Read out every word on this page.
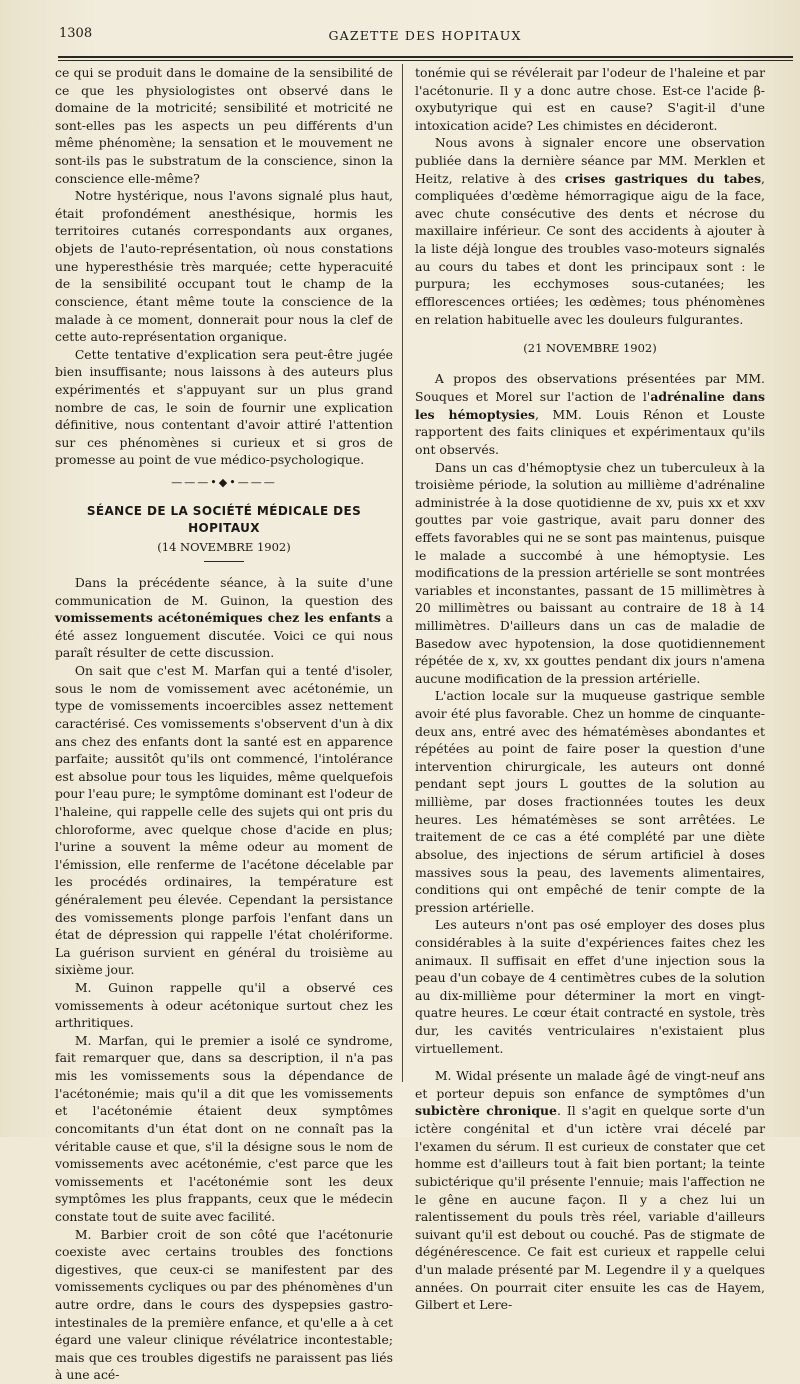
1308	GAZETTE DES HOPITAUX

ce qui se produit dans le domaine de la sensibilité de ce que les physiologistes ont observé dans le domaine de la motricité; sensibilité et motricité ne sont-elles pas les aspects un peu différents d'un même phénomène; la sensation et le mouvement ne sont-ils pas le substratum de la conscience, sinon la conscience elle-même?

Notre hystérique, nous l'avons signalé plus haut, était profondément anesthésique, hormis les territoires cutanés correspondants aux organes, objets de l'auto-représentation, où nous constations une hyperesthésie très marquée; cette hyperacuité de la sensibilité occupant tout le champ de la conscience, étant même toute la conscience de la malade à ce moment, donnerait pour nous la clef de cette auto-représentation organique.

Cette tentative d'explication sera peut-être jugée bien insuffisante; nous laissons à des auteurs plus expérimentés et s'appuyant sur un plus grand nombre de cas, le soin de fournir une explication définitive, nous contentant d'avoir attiré l'attention sur ces phénomènes si curieux et si gros de promesse au point de vue médico-psychologique.

———•◆•———
SÉANCE DE LA SOCIÉTÉ MÉDICALE DES HOPITAUX
(14 NOVEMBRE 1902)

Dans la précédente séance, à la suite d'une communication de M. Guinon, la question des vomissements acétonémiques chez les enfants a été assez longuement discutée. Voici ce qui nous paraît résulter de cette discussion.

On sait que c'est M. Marfan qui a tenté d'isoler, sous le nom de vomissement avec acétonémie, un type de vomissements incoercibles assez nettement caractérisé. Ces vomissements s'observent d'un à dix ans chez des enfants dont la santé est en apparence parfaite; aussitôt qu'ils ont commencé, l'intolérance est absolue pour tous les liquides, même quelquefois pour l'eau pure; le symptôme dominant est l'odeur de l'haleine, qui rappelle celle des sujets qui ont pris du chloroforme, avec quelque chose d'acide en plus; l'urine a souvent la même odeur au moment de l'émission, elle renferme de l'acétone décelable par les procédés ordinaires, la température est généralement peu élevée. Cependant la persistance des vomissements plonge parfois l'enfant dans un état de dépression qui rappelle l'état cholériforme. La guérison survient en général du troisième au sixième jour.

M. Guinon rappelle qu'il a observé ces vomissements à odeur acétonique surtout chez les arthritiques.

M. Marfan, qui le premier a isolé ce syndrome, fait remarquer que, dans sa description, il n'a pas mis les vomissements sous la dépendance de l'acétonémie; mais qu'il a dit que les vomissements et l'acétonémie étaient deux symptômes concomitants d'un état dont on ne connaît pas la véritable cause et que, s'il la désigne sous le nom de vomissements avec acétonémie, c'est parce que les vomissements et l'acétonémie sont les deux symptômes les plus frappants, ceux que le médecin constate tout de suite avec facilité.

M. Barbier croit de son côté que l'acétonurie coexiste avec certains troubles des fonctions digestives, que ceux-ci se manifestent par des vomissements cycliques ou par des phénomènes d'un autre ordre, dans le cours des dyspepsies gastro-intestinales de la première enfance, et qu'elle a à cet égard une valeur clinique révélatrice incontestable; mais que ces troubles digestifs ne paraissent pas liés à une acé-

tonémie qui se révélerait par l'odeur de l'haleine et par l'acétonurie. Il y a donc autre chose. Est-ce l'acide β-oxybutyrique qui est en cause? S'agit-il d'une intoxication acide? Les chimistes en décideront.

Nous avons à signaler encore une observation publiée dans la dernière séance par MM. Merklen et Heitz, relative à des crises gastriques du tabes, compliquées d'œdème hémorragique aigu de la face, avec chute consécutive des dents et nécrose du maxillaire inférieur. Ce sont des accidents à ajouter à la liste déjà longue des troubles vaso-moteurs signalés au cours du tabes et dont les principaux sont : le purpura; les ecchymoses sous-cutanées; les efflorescences ortiées; les œdèmes; tous phénomènes en relation habituelle avec les douleurs fulgurantes.

(21 NOVEMBRE 1902)

A propos des observations présentées par MM. Souques et Morel sur l'action de l'adrénaline dans les hémoptysies, MM. Louis Rénon et Louste rapportent des faits cliniques et expérimentaux qu'ils ont observés.

Dans un cas d'hémoptysie chez un tuberculeux à la troisième période, la solution au millième d'adrénaline administrée à la dose quotidienne de xv, puis xx et xxv gouttes par voie gastrique, avait paru donner des effets favorables qui ne se sont pas maintenus, puisque le malade a succombé à une hémoptysie. Les modifications de la pression artérielle se sont montrées variables et inconstantes, passant de 15 millimètres à 20 millimètres ou baissant au contraire de 18 à 14 millimètres. D'ailleurs dans un cas de maladie de Basedow avec hypotension, la dose quotidiennement répétée de x, xv, xx gouttes pendant dix jours n'amena aucune modification de la pression artérielle.

L'action locale sur la muqueuse gastrique semble avoir été plus favorable. Chez un homme de cinquante-deux ans, entré avec des hématémèses abondantes et répétées au point de faire poser la question d'une intervention chirurgicale, les auteurs ont donné pendant sept jours L gouttes de la solution au millième, par doses fractionnées toutes les deux heures. Les hématémèses se sont arrêtées. Le traitement de ce cas a été complété par une diète absolue, des injections de sérum artificiel à doses massives sous la peau, des lavements alimentaires, conditions qui ont empêché de tenir compte de la pression artérielle.

Les auteurs n'ont pas osé employer des doses plus considérables à la suite d'expériences faites chez les animaux. Il suffisait en effet d'une injection sous la peau d'un cobaye de 4 centimètres cubes de la solution au dix-millième pour déterminer la mort en vingt-quatre heures. Le cœur était contracté en systole, très dur, les cavités ventriculaires n'existaient plus virtuellement.

M. Widal présente un malade âgé de vingt-neuf ans et porteur depuis son enfance de symptômes d'un subictère chronique. Il s'agit en quelque sorte d'un ictère congénital et d'un ictère vrai décelé par l'examen du sérum. Il est curieux de constater que cet homme est d'ailleurs tout à fait bien portant; la teinte subictérique qu'il présente l'ennuie; mais l'affection ne le gêne en aucune façon. Il y a chez lui un ralentissement du pouls très réel, variable d'ailleurs suivant qu'il est debout ou couché. Pas de stigmate de dégénérescence. Ce fait est curieux et rappelle celui d'un malade présenté par M. Legendre il y a quelques années. On pourrait citer ensuite les cas de Hayem, Gilbert et Lere-
